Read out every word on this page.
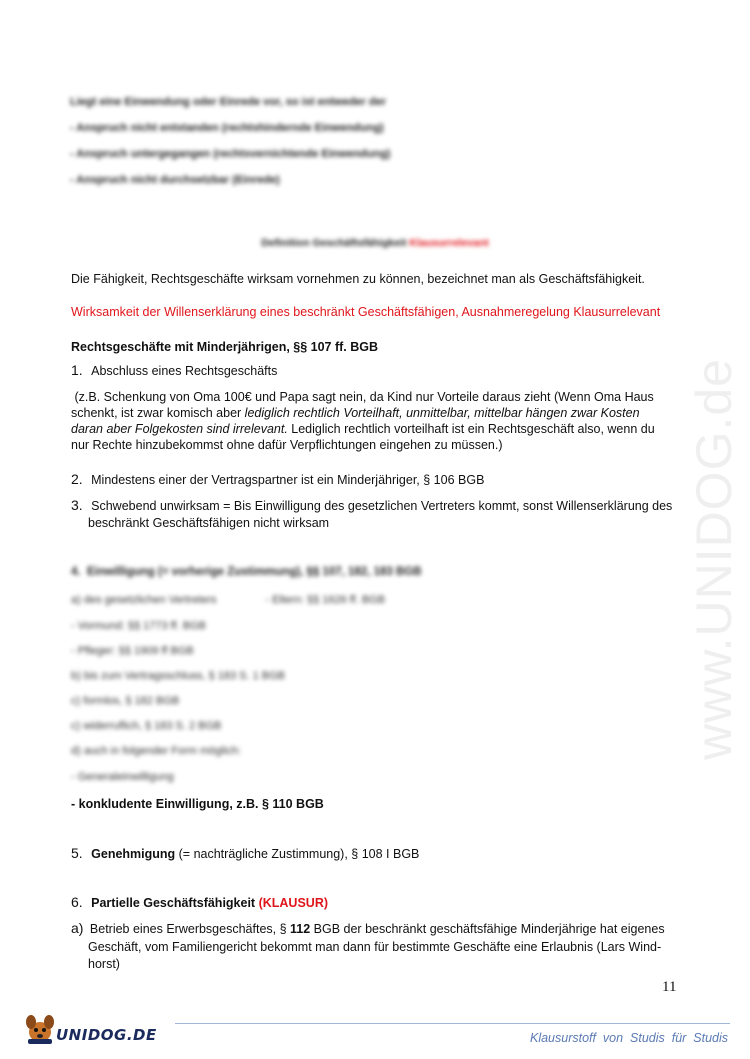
www.UNIDOG.de
Liegt eine Einwendung oder Einrede vor, so ist entweder der
- Anspruch nicht entstanden (rechtshindernde Einwendung)
- Anspruch untergegangen (rechtsvernichtende Einwendung)
- Anspruch nicht durchsetzbar (Einrede)
Definition Geschäftsfähigkeit Klausurrelevant
Die Fähigkeit, Rechtsgeschäfte wirksam vornehmen zu können, bezeichnet man als Geschäftsfähigkeit.
Wirksamkeit der Willenserklärung eines beschränkt Geschäftsfähigen, Ausnahmeregelung Klausurrelevant
Rechtsgeschäfte mit Minderjährigen, §§ 107 ff. BGB
1. Abschluss eines Rechtsgeschäfts
(z.B. Schenkung von Oma 100€ und Papa sagt nein, da Kind nur Vorteile daraus zieht (Wenn Oma Haus
schenkt, ist zwar komisch aber lediglich rechtlich Vorteilhaft, unmittelbar, mittelbar hängen zwar Kosten
daran aber Folgekosten sind irrelevant. Lediglich rechtlich vorteilhaft ist ein Rechtsgeschäft also, wenn du
nur Rechte hinzubekommst ohne dafür Verpflichtungen eingehen zu müssen.)
2. Mindestens einer der Vertragspartner ist ein Minderjähriger, § 106 BGB
3. Schwebend unwirksam = Bis Einwilligung des gesetzlichen Vertreters kommt, sonst Willenserklärung des
beschränkt Geschäftsfähigen nicht wirksam
4.  Einwilligung (= vorherige Zustimmung), §§ 107, 182, 183 BGB
a) des gesetzlichen Vertreters                - Eltern: §§ 1626 ff. BGB
- Vormund: §§ 1773 ff. BGB
- Pfleger: §§ 1909 ff BGB
b) bis zum Vertragsschluss, § 183 S. 1 BGB
c) formlos, § 182 BGB
c) widerruflich, § 183 S. 2 BGB
d) auch in folgender Form möglich:
- Generaleinwilligung
- konkludente Einwilligung, z.B. § 110 BGB
5. Genehmigung (= nachträgliche Zustimmung), § 108 I BGB
6. Partielle Geschäftsfähigkeit (KLAUSUR)
a) Betrieb eines Erwerbsgeschäftes, § 112 BGB der beschränkt geschäftsfähige Minderjährige hat eigenes
Geschäft, vom Familiengericht bekommt man dann für bestimmte Geschäfte eine Erlaubnis (Lars Wind-
horst)
11
UNIDOG.DE	Klausurstoff  von  Studis  für  Studis
